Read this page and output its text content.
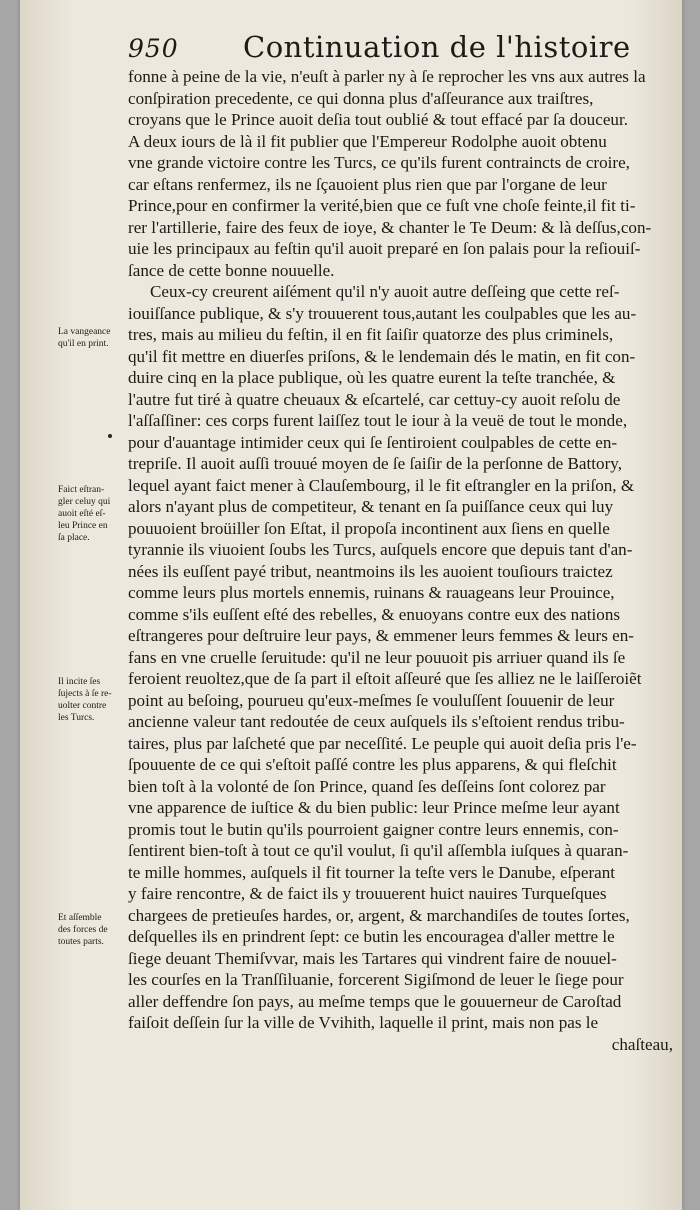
950 Continuation de l'histoire
fonne à peine de la vie, n'euſt à parler ny à ſe reprocher les vns aux autres la
conſpiration precedente, ce qui donna plus d'aſſeurance aux traiſtres,
croyans que le Prince auoit deſia tout oublié & tout effacé par ſa douceur.
A deux iours de là il fit publier que l'Empereur Rodolphe auoit obtenu
vne grande victoire contre les Turcs, ce qu'ils furent contraincts de croire,
car eſtans renfermez, ils ne ſçauoient plus rien que par l'organe de leur
Prince,pour en confirmer la verité,bien que ce fuſt vne choſe feinte,il fit ti-
rer l'artillerie, faire des feux de ioye, & chanter le Te Deum: & là deſſus,con-
uie les principaux au feſtin qu'il auoit preparé en ſon palais pour la reſiouiſ-
ſance de cette bonne nouuelle.
Ceux-cy creurent aiſément qu'il n'y auoit autre deſſeing que cette reſ-
iouiſſance publique, & s'y trouuerent tous,autant les coulpables que les au-
tres, mais au milieu du feſtin, il en fit ſaiſir quatorze des plus criminels,
qu'il fit mettre en diuerſes priſons, & le lendemain dés le matin, en fit con-
duire cinq en la place publique, où les quatre eurent la teſte tranchée, &
l'autre fut tiré à quatre cheuaux & eſcartelé, car cettuy-cy auoit reſolu de
l'aſſaſſiner: ces corps furent laiſſez tout le iour à la veuë de tout le monde,
pour d'auantage intimider ceux qui ſe ſentiroient coulpables de cette en-
trepriſe. Il auoit auſſi trouué moyen de ſe ſaiſir de la perſonne de Battory,
lequel ayant faict mener à Clauſembourg, il le fit eſtrangler en la priſon, &
alors n'ayant plus de competiteur, & tenant en ſa puiſſance ceux qui luy
pouuoient broüiller ſon Eſtat, il propoſa incontinent aux ſiens en quelle
tyrannie ils viuoient ſoubs les Turcs, auſquels encore que depuis tant d'an-
nées ils euſſent payé tribut, neantmoins ils les auoient touſiours traictez
comme leurs plus mortels ennemis, ruinans & rauageans leur Prouince,
comme s'ils euſſent eſté des rebelles, & enuoyans contre eux des nations
eſtrangeres pour deſtruire leur pays, & emmener leurs femmes & leurs en-
fans en vne cruelle ſeruitude: qu'il ne leur pouuoit pis arriuer quand ils ſe
feroient reuoltez,que de ſa part il eſtoit aſſeuré que ſes alliez ne le laiſſeroiẽt
point au beſoing, pourueu qu'eux-meſmes ſe vouluſſent ſouuenir de leur
ancienne valeur tant redoutée de ceux auſquels ils s'eſtoient rendus tribu-
taires, plus par laſcheté que par neceſſité. Le peuple qui auoit deſia pris l'e-
ſpouuente de ce qui s'eſtoit paſſé contre les plus apparens, & qui fleſchit
bien toſt à la volonté de ſon Prince, quand ſes deſſeins ſont colorez par
vne apparence de iuſtice & du bien public: leur Prince meſme leur ayant
promis tout le butin qu'ils pourroient gaigner contre leurs ennemis, con-
ſentirent bien-toſt à tout ce qu'il voulut, ſi qu'il aſſembla iuſques à quaran-
te mille hommes, auſquels il fit tourner la teſte vers le Danube, eſperant
y faire rencontre, & de faict ils y trouuerent huict nauires Turqueſques
chargees de pretieuſes hardes, or, argent, & marchandiſes de toutes ſortes,
deſquelles ils en prindrent ſept: ce butin les encouragea d'aller mettre le
ſiege deuant Themiſvvar, mais les Tartares qui vindrent faire de nouuel-
les courſes en la Tranſſiluanie, forcerent Sigiſmond de leuer le ſiege pour
aller deffendre ſon pays, au meſme temps que le gouuerneur de Caroſtad
faiſoit deſſein ſur la ville de Vvihith, laquelle il print, mais non pas le
chaſteau,
La vangeance
qu'il en print.
Faict eſtran-
gler celuy qui
auoit eſté eſ-
leu Prince en
ſa place.
Il incite ſes
ſujects à ſe re-
uolter contre
les Turcs.
Et aſſemble
des forces de
toutes parts.
